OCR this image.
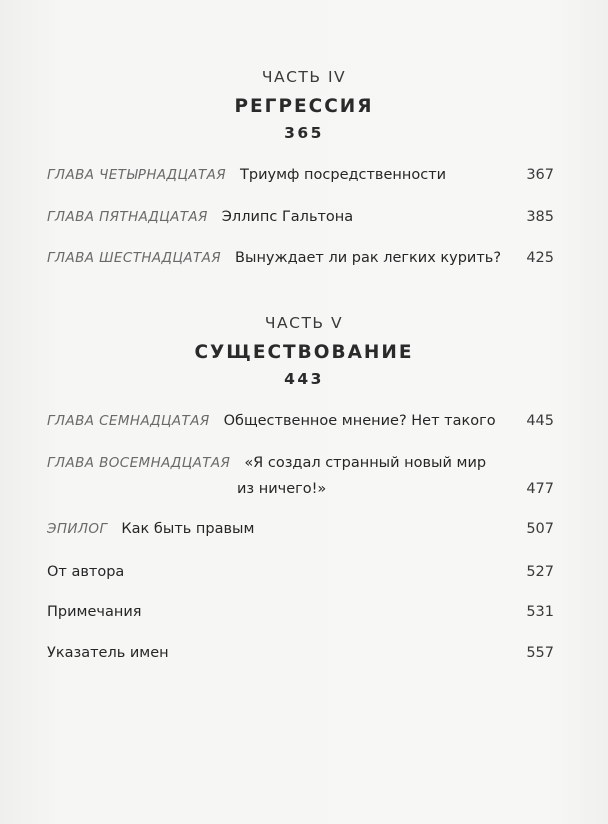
ЧАСТЬ IV
РЕГРЕССИЯ
365
ГЛАВА ЧЕТЫРНАДЦАТАЯ Триумф посредственности	367
ГЛАВА ПЯТНАДЦАТАЯ Эллипс Гальтона	385
ГЛАВА ШЕСТНАДЦАТАЯ Вынуждает ли рак легких курить? 425
ЧАСТЬ V
СУЩЕСТВОВАНИЕ
443
ГЛАВА СЕМНАДЦАТАЯ Общественное мнение? Нет такого 445
ГЛАВА ВОСЕМНАДЦАТАЯ «Я создал странный новый мир
из ничего!»	477
ЭПИЛОГ Как быть правым	507
От автора	527
Примечания	531
Указатель имен	557
